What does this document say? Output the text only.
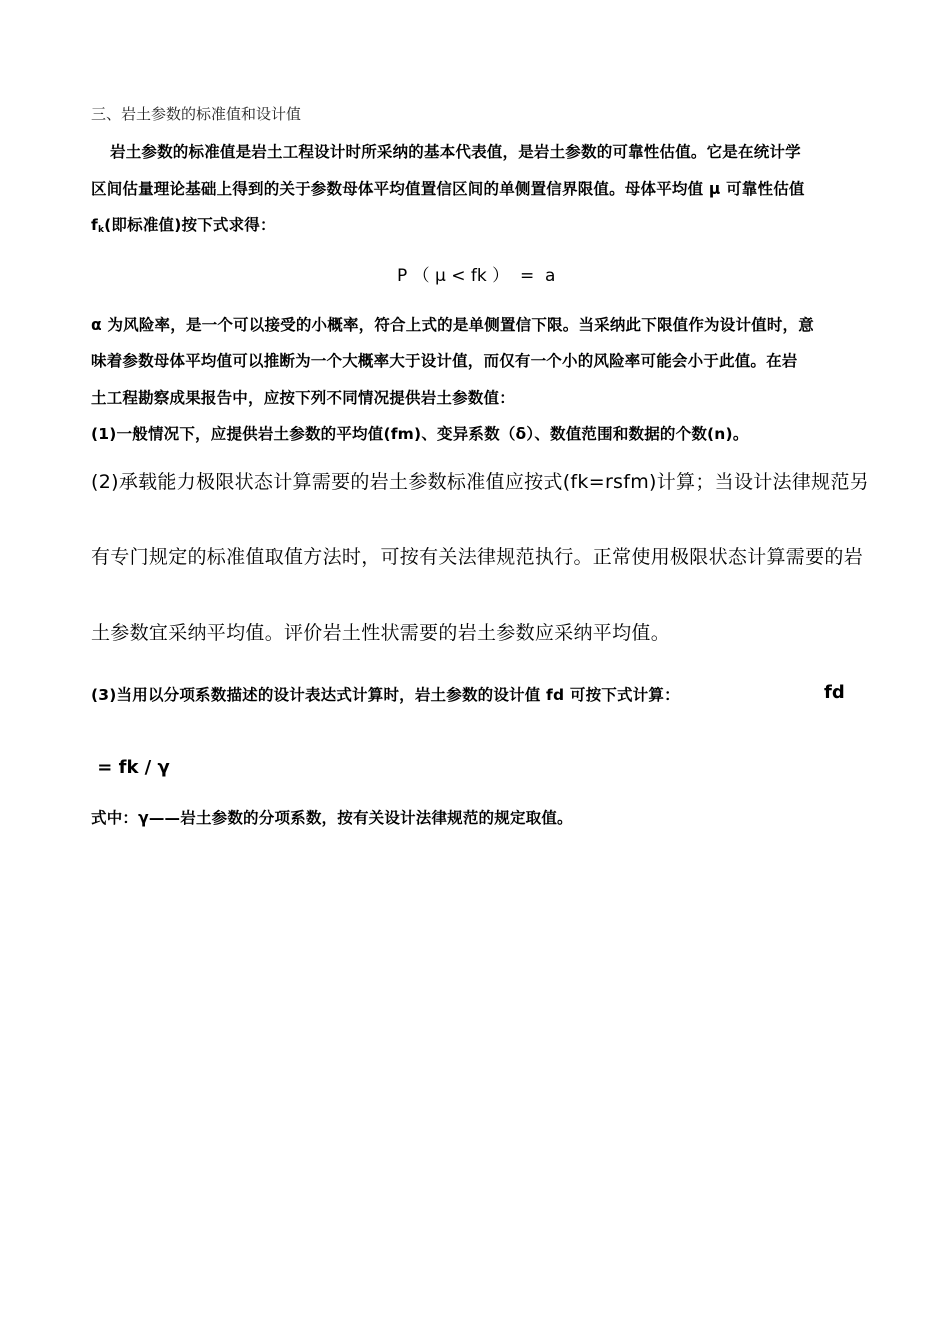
三、岩土参数的标准值和设计值
岩土参数的标准值是岩土工程设计时所采纳的基本代表值，是岩土参数的可靠性估值。它是在统计学
区间估量理论基础上得到的关于参数母体平均值置信区间的单侧置信界限值。母体平均值 μ 可靠性估值
$f_k$(即标准值)按下式求得：
P （ μ < fk ）  =  a
α 为风险率，是一个可以接受的小概率，符合上式的是单侧置信下限。当采纳此下限值作为设计值时，意
味着参数母体平均值可以推断为一个大概率大于设计值，而仅有一个小的风险率可能会小于此值。在岩
土工程勘察成果报告中，应按下列不同情况提供岩土参数值：
(1)一般情况下，应提供岩土参数的平均值(fm)、变异系数（δ）、数值范围和数据的个数(n)。
(2)承载能力极限状态计算需要的岩土参数标准值应按式(fk=rsfm)计算；当设计法律规范另
有专门规定的标准值取值方法时，可按有关法律规范执行。正常使用极限状态计算需要的岩
土参数宜采纳平均值。评价岩土性状需要的岩土参数应采纳平均值。
(3)当用以分项系数描述的设计表达式计算时，岩土参数的设计值 fd 可按下式计算：	fd
= fk / γ
式中：γ——岩土参数的分项系数，按有关设计法律规范的规定取值。
